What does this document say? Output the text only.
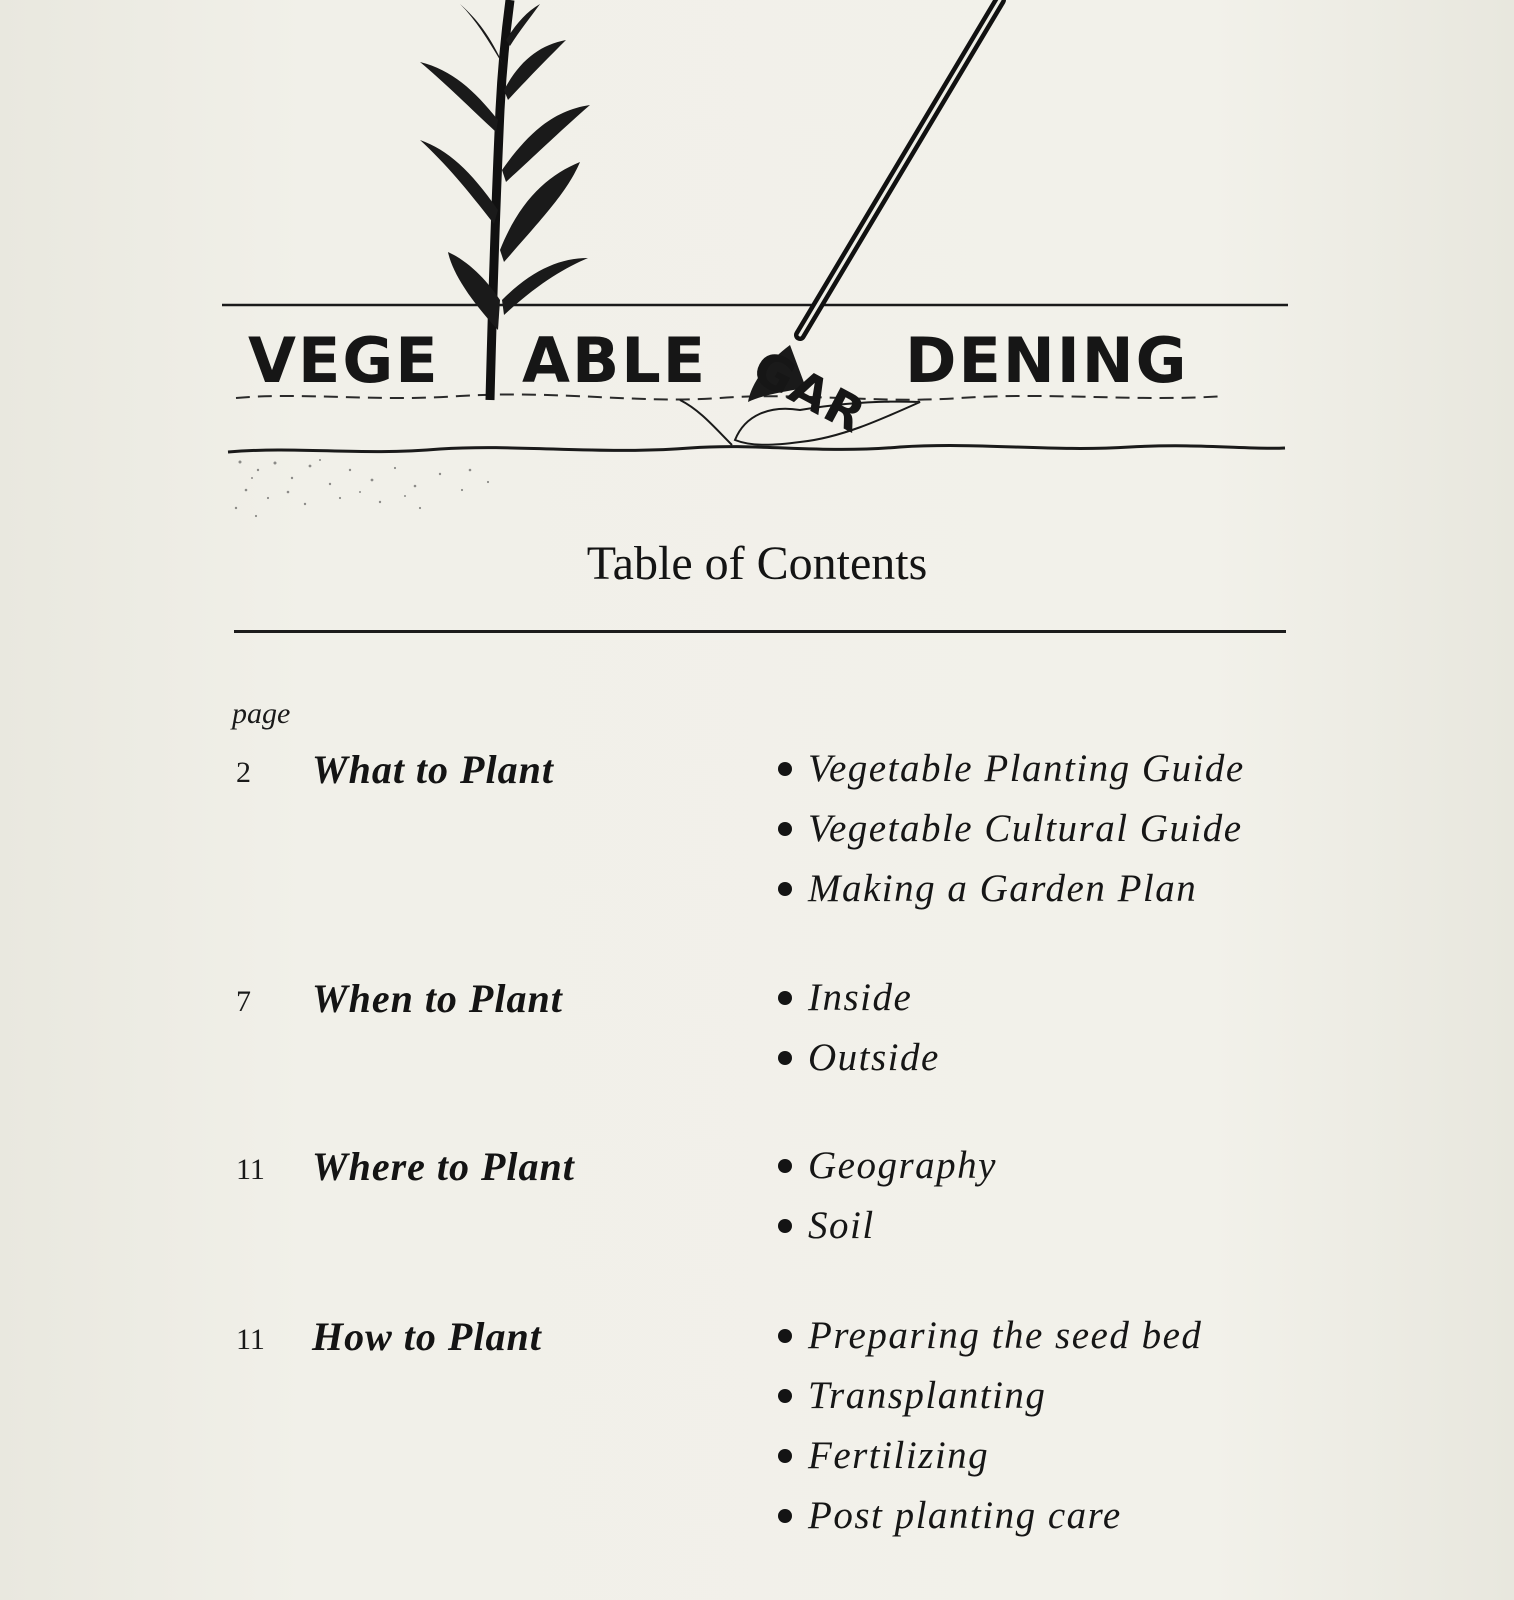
VEGE ABLE GAR DENING
Table of Contents
page
2 What to Plant	Vegetable Planting Guide
Vegetable Cultural Guide
Making a Garden Plan
7 When to Plant	Inside
Outside
11 Where to Plant	Geography
Soil
11 How to Plant	Preparing the seed bed
Transplanting
Fertilizing
Post planting care
